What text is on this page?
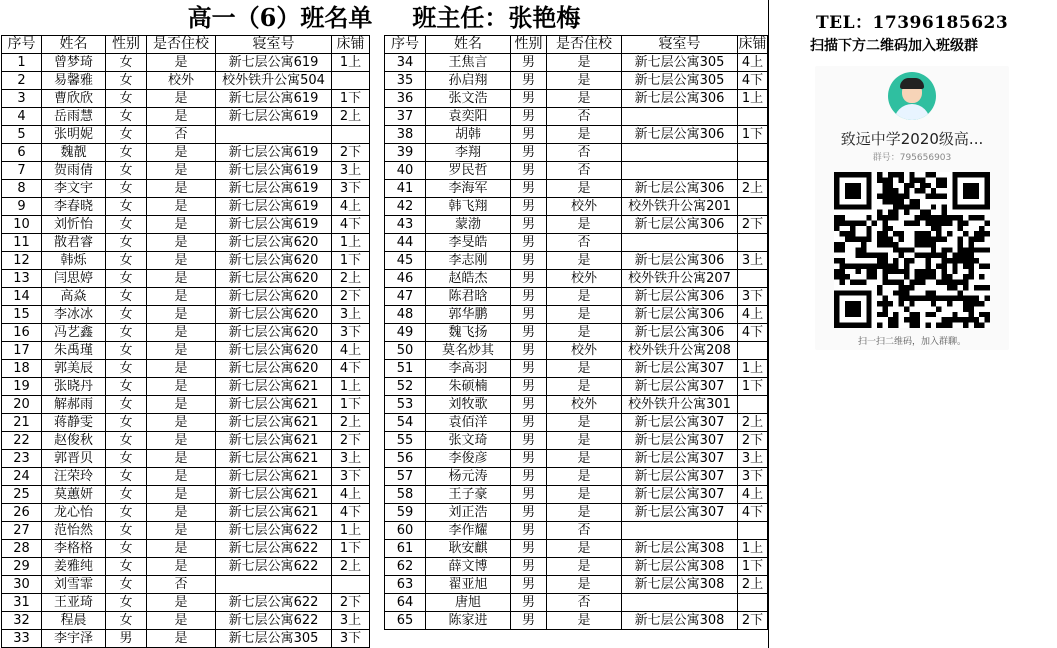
高一（6）班名单 班主任：张艳梅
序号	姓名	性别	是否住校	寝室号	床铺
1	曾梦琦	女	是	新七层公寓619	1上
2	易馨雅	女	校外	校外铁升公寓504	
3	曹欣欣	女	是	新七层公寓619	1下
4	岳雨慧	女	是	新七层公寓619	2上
5	张明妮	女	否		
6	魏靓	女	是	新七层公寓619	2下
7	贺雨倩	女	是	新七层公寓619	3上
8	李文宇	女	是	新七层公寓619	3下
9	李春晓	女	是	新七层公寓619	4上
10	刘忻怡	女	是	新七层公寓619	4下
11	散君睿	女	是	新七层公寓620	1上
12	韩烁	女	是	新七层公寓620	1下
13	闫思婷	女	是	新七层公寓620	2上
14	高焱	女	是	新七层公寓620	2下
15	李冰冰	女	是	新七层公寓620	3上
16	冯艺鑫	女	是	新七层公寓620	3下
17	朱禹瑾	女	是	新七层公寓620	4上
18	郭美辰	女	是	新七层公寓620	4下
19	张晓丹	女	是	新七层公寓621	1上
20	解郝雨	女	是	新七层公寓621	1下
21	蒋静雯	女	是	新七层公寓621	2上
22	赵俊秋	女	是	新七层公寓621	2下
23	郭晋贝	女	是	新七层公寓621	3上
24	汪荣玲	女	是	新七层公寓621	3下
25	莫蕙妍	女	是	新七层公寓621	4上
26	龙心怡	女	是	新七层公寓621	4下
27	范怡然	女	是	新七层公寓622	1上
28	李格格	女	是	新七层公寓622	1下
29	姜雅纯	女	是	新七层公寓622	2上
30	刘雪霏	女	否		
31	王亚琦	女	是	新七层公寓622	2下
32	程晨	女	是	新七层公寓622	3上
33	李宇泽	男	是	新七层公寓305	3下
序号	姓名	性别	是否住校	寝室号	床铺
34	王焦言	男	是	新七层公寓305	4上
35	孙启翔	男	是	新七层公寓305	4下
36	张文浩	男	是	新七层公寓306	1上
37	袁奕阳	男	否		
38	胡韩	男	是	新七层公寓306	1下
39	李翔	男	否		
40	罗民哲	男	否		
41	李海军	男	是	新七层公寓306	2上
42	韩飞翔	男	校外	校外铁升公寓201	
43	蒙渤	男	是	新七层公寓306	2下
44	李旻皓	男	否		
45	李志刚	男	是	新七层公寓306	3上
46	赵皓杰	男	校外	校外铁升公寓207	
47	陈君晗	男	是	新七层公寓306	3下
48	郭华鹏	男	是	新七层公寓306	4上
49	魏飞扬	男	是	新七层公寓306	4下
50	莫名炒其	男	校外	校外铁升公寓208	
51	李高羽	男	是	新七层公寓307	1上
52	朱硕楠	男	是	新七层公寓307	1下
53	刘牧歌	男	校外	校外铁升公寓301	
54	袁佰洋	男	是	新七层公寓307	2上
55	张文琦	男	是	新七层公寓307	2下
56	李俊彦	男	是	新七层公寓307	3上
57	杨元涛	男	是	新七层公寓307	3下
58	王子豪	男	是	新七层公寓307	4上
59	刘正浩	男	是	新七层公寓307	4下
60	李作耀	男	否		
61	耿安麒	男	是	新七层公寓308	1上
62	薛文博	男	是	新七层公寓308	1下
63	翟亚旭	男	是	新七层公寓308	2上
64	唐旭	男	否		
65	陈家进	男	是	新七层公寓308	2下
TEL：17396185623
扫描下方二维码加入班级群
致远中学2020级高...
群号：795656903
扫一扫二维码，加入群聊。
